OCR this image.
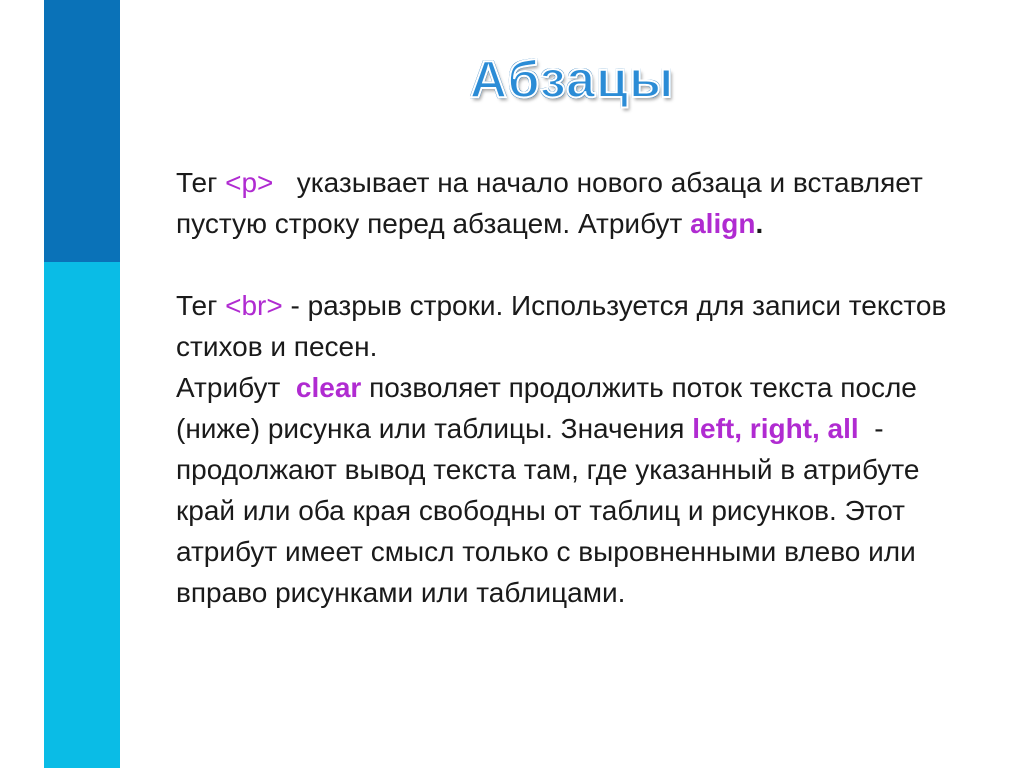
Абзацы

Тег <p>   указывает на начало нового абзаца и вставляет пустую строку перед абзацем. Атрибут align.

Тег <br> - разрыв строки. Используется для записи текстов стихов и песен.

Атрибут  clear позволяет продолжить поток текста после (ниже) рисунка или таблицы. Значения left, right, all  - продолжают вывод текста там, где указанный в атрибуте край или оба края свободны от таблиц и рисунков. Этот атрибут имеет смысл только с выровненными влево или вправо рисунками или таблицами.
